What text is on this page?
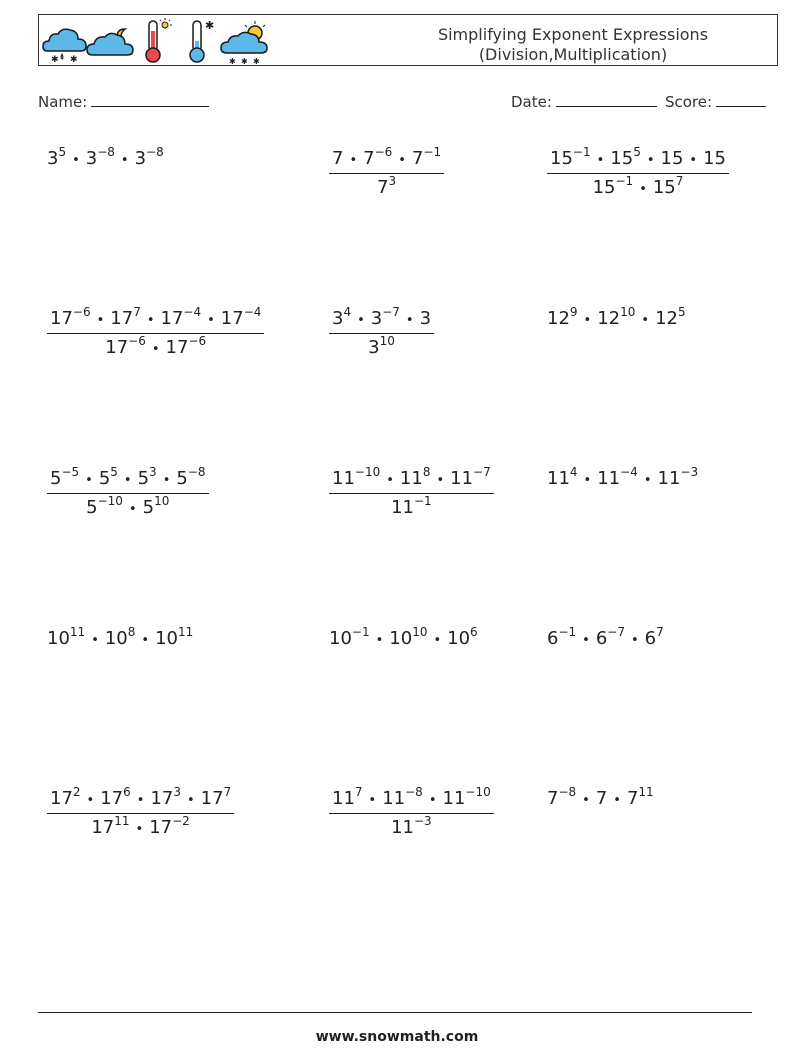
✱ ✱
✱
✱ ✱ ✱
Simplifying Exponent Expressions
(Division,Multiplication)
Name:	Date:	Score:
$3^5•$ $3^{-8}•$ $3^{-8}$	$\frac{7 • 7^{-6}• 7^{-1}}{7^3}$	$\frac{15^{-1}• 15^5• 15 • 15}{15^{-1}• 15^7}$
$\frac{17^{-6}• 17^7• 17^{-4}• 17^{-4}}{17^{-6}• 17^{-6}}$	$\frac{3^4• 3^{-7}• 3}{3^{10}}$	$12^9•$ $12^{10}•$ $12^5$
$\frac{5^{-5}• 5^5• 5^3• 5^{-8}}{5^{-10}• 5^{10}}$	$\frac{11^{-10}• 11^8• 11^{-7}}{11^{-1}}$	$11^4•$ $11^{-4}•$ $11^{-3}$
$10^{11}•$ $10^8•$ $10^{11}$	$10^{-1}•$ $10^{10}•$ $10^6$	$6^{-1}•$ $6^{-7}•$ $6^7$
$\frac{17^2• 17^6• 17^3• 17^7}{17^{11}• 17^{-2}}$	$\frac{11^7• 11^{-8}• 11^{-10}}{11^{-3}}$	$7^{-8}•$ 7 • $7^{11}$
www.snowmath.com
